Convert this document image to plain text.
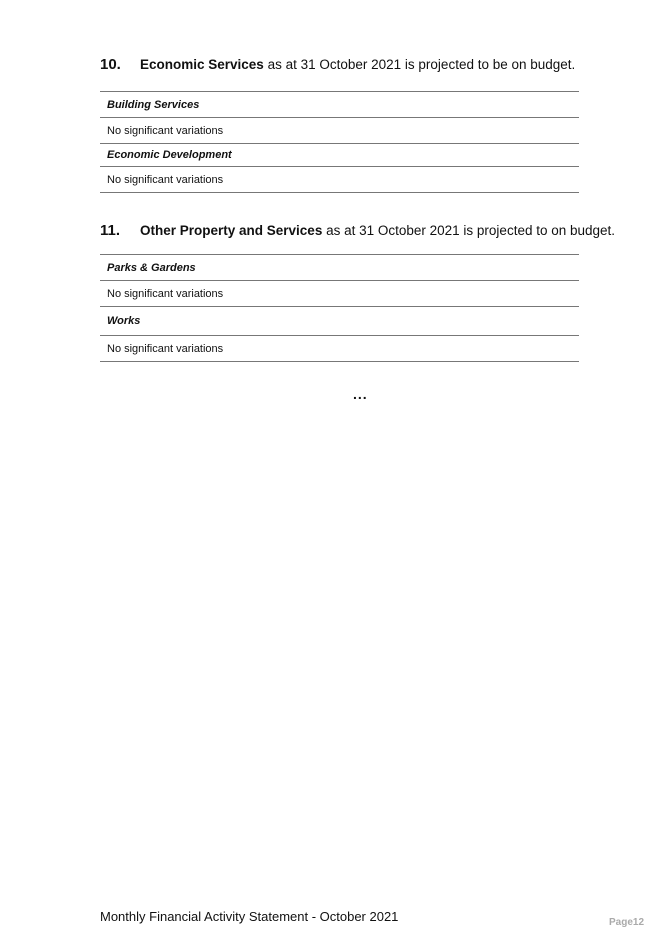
10. Economic Services as at 31 October 2021 is projected to be on budget.
Building Services
No significant variations
Economic Development
No significant variations
11. Other Property and Services as at 31 October 2021 is projected to on budget.
Parks & Gardens
No significant variations
Works
No significant variations
...
Monthly Financial Activity Statement - October 2021	Page12
